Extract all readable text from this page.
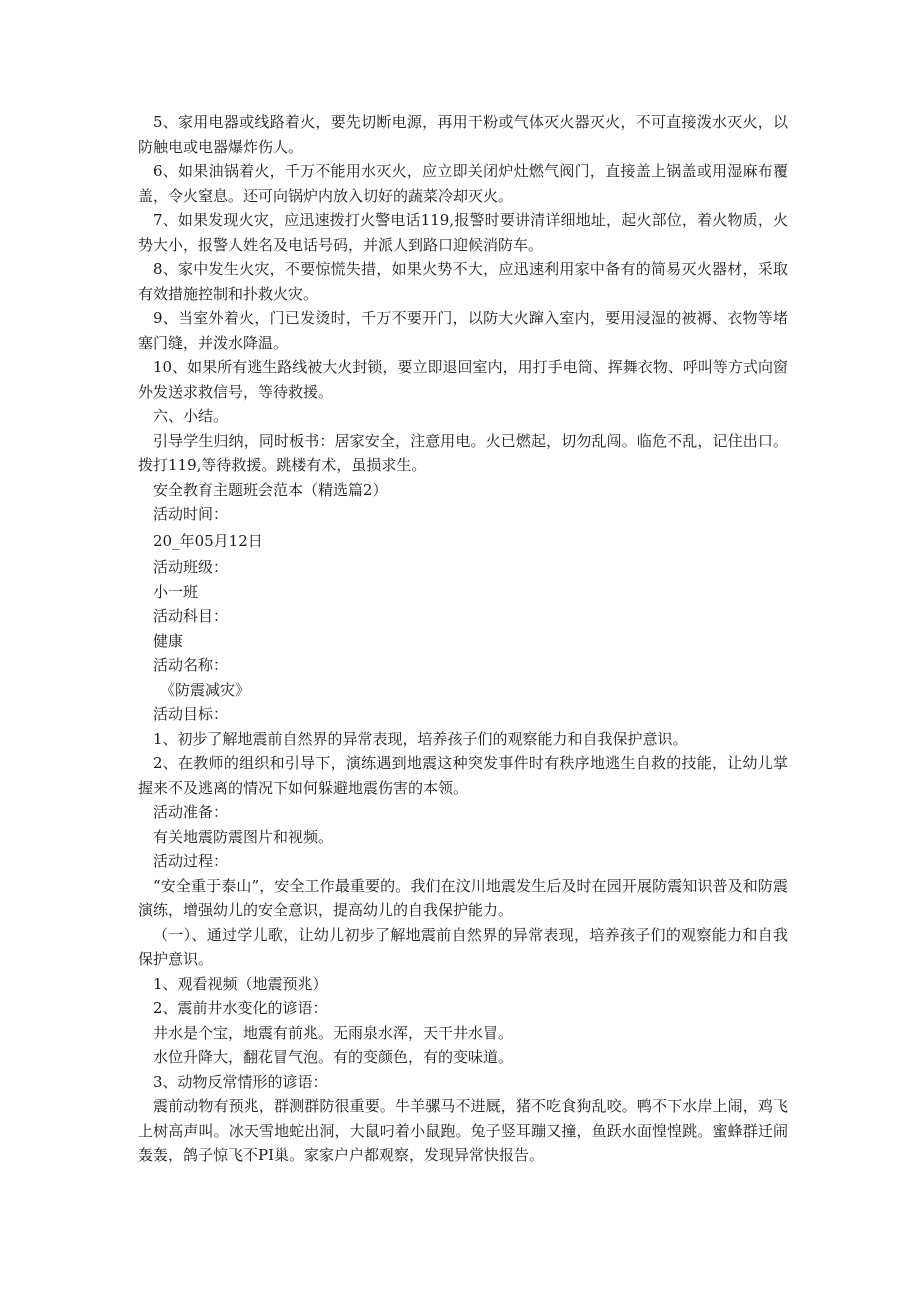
5、家用电器或线路着火，要先切断电源，再用干粉或气体灭火器灭火，不可直接泼水灭火，以防触电或电器爆炸伤人。

6、如果油锅着火，千万不能用水灭火，应立即关闭炉灶燃气阀门，直接盖上锅盖或用湿麻布覆盖，令火窒息。还可向锅炉内放入切好的蔬菜冷却灭火。

7、如果发现火灾，应迅速拨打火警电话119,报警时要讲清详细地址，起火部位，着火物质，火势大小，报警人姓名及电话号码，并派人到路口迎候消防车。

8、家中发生火灾，不要惊慌失措，如果火势不大，应迅速利用家中备有的简易灭火器材，采取有效措施控制和扑救火灾。

9、当室外着火，门已发烫时，千万不要开门，以防大火蹿入室内，要用浸湿的被褥、衣物等堵塞门缝，并泼水降温。

10、如果所有逃生路线被大火封锁，要立即退回室内，用打手电筒、挥舞衣物、呼叫等方式向窗外发送求救信号，等待救援。

六、小结。

引导学生归纳，同时板书：居家安全，注意用电。火已燃起，切勿乱闯。临危不乱，记住出口。拨打119,等待救援。跳楼有术，虽损求生。

安全教育主题班会范本（精选篇2）

活动时间：

20_年05月12日

活动班级：

小一班

活动科目：

健康

活动名称：

《防震减灾》

活动目标：

1、初步了解地震前自然界的异常表现，培养孩子们的观察能力和自我保护意识。

2、在教师的组织和引导下，演练遇到地震这种突发事件时有秩序地逃生自救的技能，让幼儿掌握来不及逃离的情况下如何躲避地震伤害的本领。

活动准备：

有关地震防震图片和视频。

活动过程：

“安全重于泰山”，安全工作最重要的。我们在汶川地震发生后及时在园开展防震知识普及和防震演练，增强幼儿的安全意识，提高幼儿的自我保护能力。

（一）、通过学儿歌，让幼儿初步了解地震前自然界的异常表现，培养孩子们的观察能力和自我保护意识。

1、观看视频（地震预兆）

2、震前井水变化的谚语：

井水是个宝，地震有前兆。无雨泉水浑，天干井水冒。

水位升降大，翻花冒气泡。有的变颜色，有的变味道。

3、动物反常情形的谚语：

震前动物有预兆，群测群防很重要。牛羊骡马不进厩，猪不吃食狗乱咬。鸭不下水岸上闹，鸡飞上树高声叫。冰天雪地蛇出洞，大鼠叼着小鼠跑。兔子竖耳蹦又撞，鱼跃水面惶惶跳。蜜蜂群迁闹轰轰，鸽子惊飞不PI巢。家家户户都观察，发现异常快报告。
